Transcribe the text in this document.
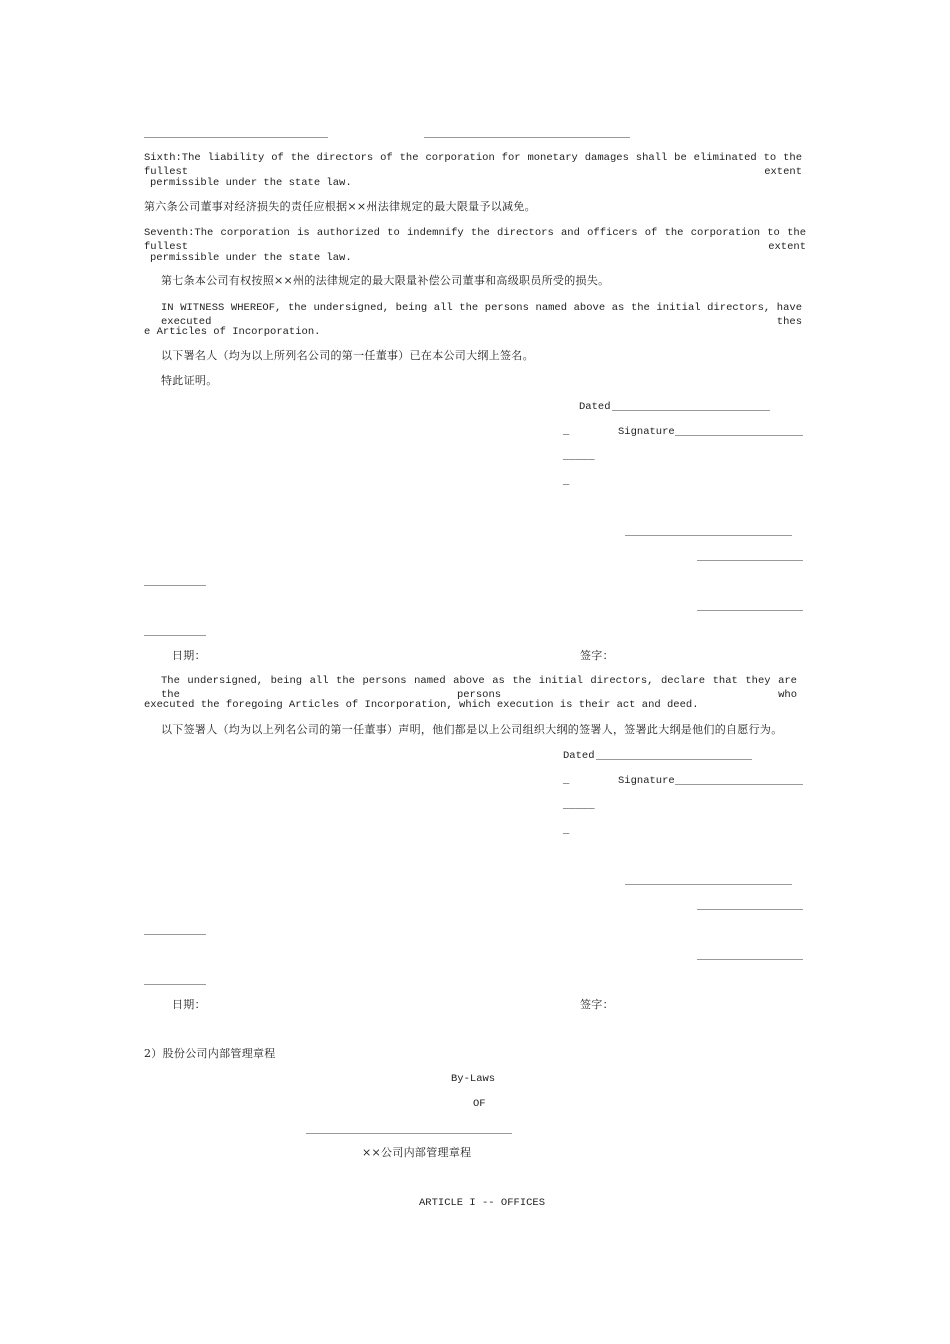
Sixth:The liability of the directors of the corporation for monetary damages shall be eliminated to the fullest extent
permissible under the state law.
第六条公司董事对经济损失的责任应根据××州法律规定的最大限量予以减免。
Seventh:The corporation is authorized to indemnify the directors and officers of the corporation to the fullest extent
permissible under the state law.
第七条本公司有权按照××州的法律规定的最大限量补偿公司董事和高级职员所受的损失。
IN WITNESS WHEREOF, the undersigned, being all the persons named above as the initial directors, have executed thes
e Articles of Incorporation.
以下署名人（均为以上所列名公司的第一任董事）已在本公司大纲上签名。
特此证明。
Dated
_	Signature
_____
_
日期：	签字：
The undersigned, being all the persons named above as the initial directors, declare that they are the persons who
executed the foregoing Articles of Incorporation, which execution is their act and deed.
以下签署人（均为以上列名公司的第一任董事）声明，他们都是以上公司组织大纲的签署人，签署此大纲是他们的自愿行为。
Dated
_	Signature
_____
_
日期：	签字：
2）股份公司内部管理章程
By-Laws
OF
××公司内部管理章程
ARTICLE I -- OFFICES
